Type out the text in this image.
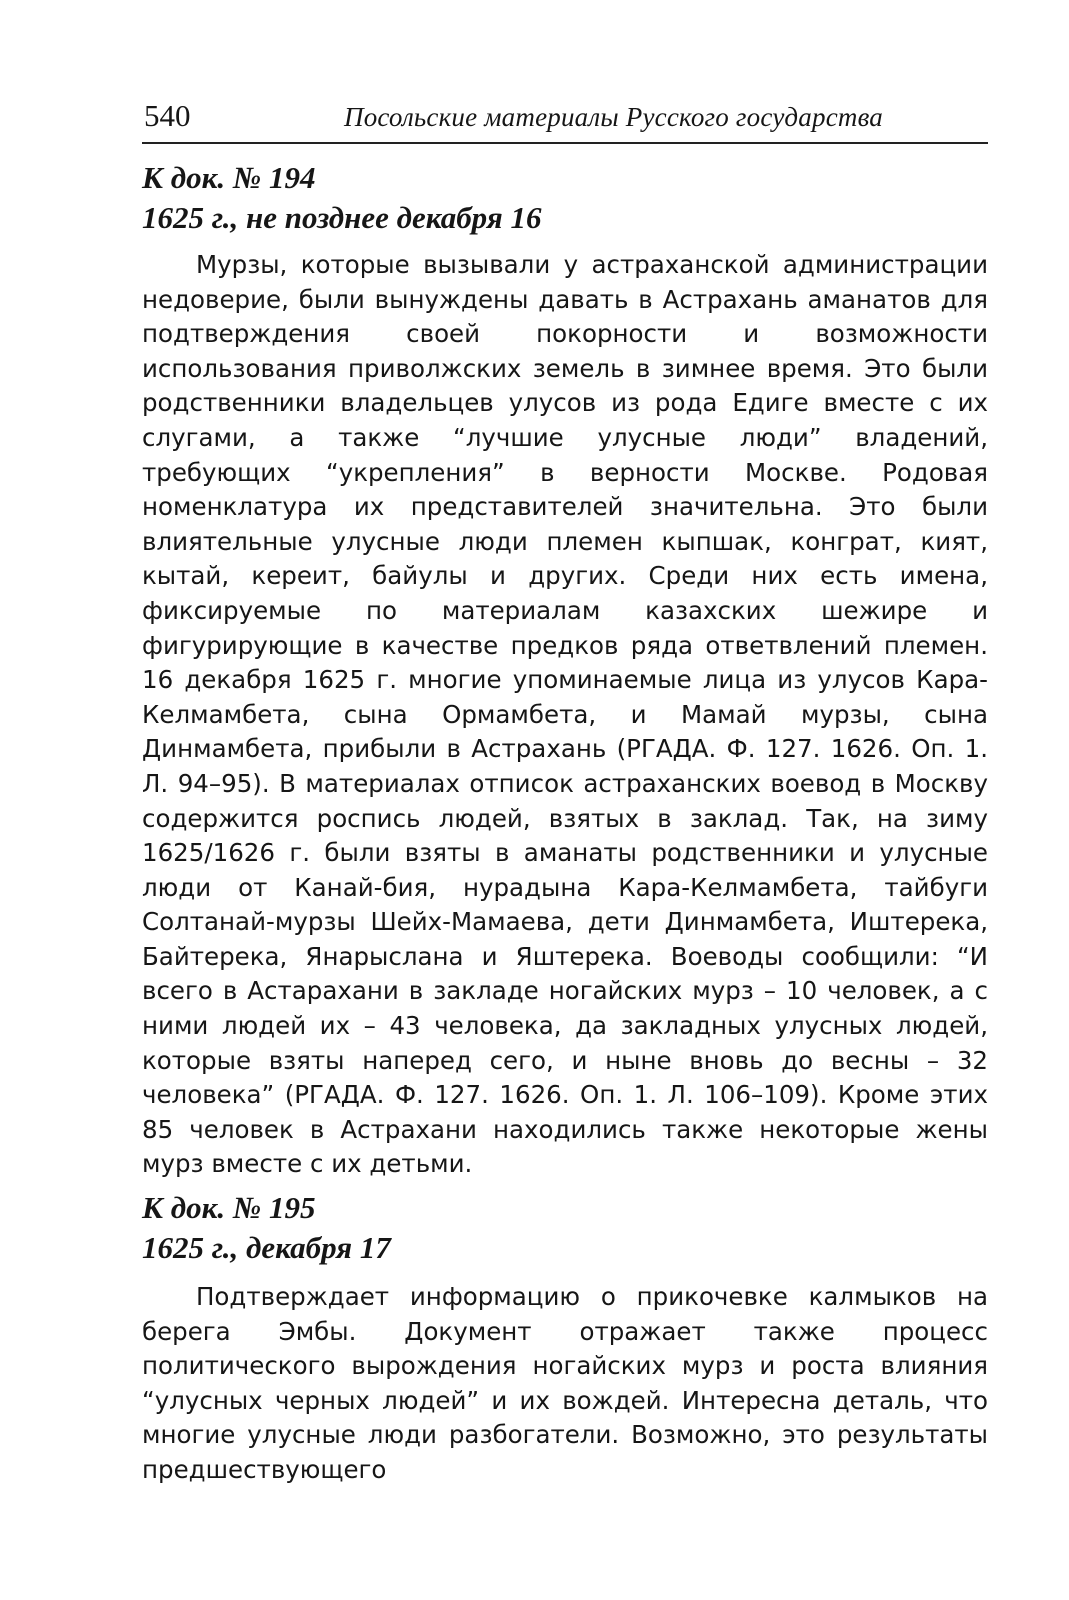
540	Посольские материалы Русского государства
К док. № 194
1625 г., не позднее декабря 16

Мурзы, которые вызывали у астраханской администрации недоверие, были вынуждены давать в Астрахань аманатов для подтверждения своей покорности и возможности использования приволжских земель в зимнее время. Это были родственники владельцев улусов из рода Едиге вместе с их слугами, а также “лучшие улусные люди” владений, требующих “укрепления” в верности Москве. Родовая номенклатура их представителей значительна. Это были влиятельные улусные люди племен кыпшак, конграт, кият, кытай, кереит, байулы и других. Среди них есть имена, фиксируемые по материалам казахских шежире и фигурирующие в качестве предков ряда ответвлений племен. 16 декабря 1625 г. многие упоминаемые лица из улусов Кара-Келмамбета, сына Ормамбета, и Мамай мурзы, сына Динмамбета, прибыли в Астрахань (РГАДА. Ф. 127. 1626. Оп. 1. Л. 94–95). В материалах отписок астраханских воевод в Москву содержится роспись людей, взятых в заклад. Так, на зиму 1625/1626 г. были взяты в аманаты родственники и улусные люди от Канай-бия, нурадына Кара-Келмамбета, тайбуги Солтанай-мурзы Шейх-Мамаева, дети Динмамбета, Иштерека, Байтерека, Янарыслана и Яштерека. Воеводы сообщили: “И всего в Астарахани в закладе ногайских мурз – 10 человек, а с ними людей их – 43 человека, да закладных улусных людей, которые взяты наперед сего, и ныне вновь до весны – 32 человека” (РГАДА. Ф. 127. 1626. Оп. 1. Л. 106–109). Кроме этих 85 человек в Астрахани находились также некоторые жены мурз вместе с их детьми.

К док. № 195
1625 г., декабря 17

Подтверждает информацию о прикочевке калмыков на берега Эмбы. Документ отражает также процесс политического вырождения ногайских мурз и роста влияния “улусных черных людей” и их вождей. Интересна деталь, что многие улусные люди разбогатели. Возможно, это результаты предшествующего
